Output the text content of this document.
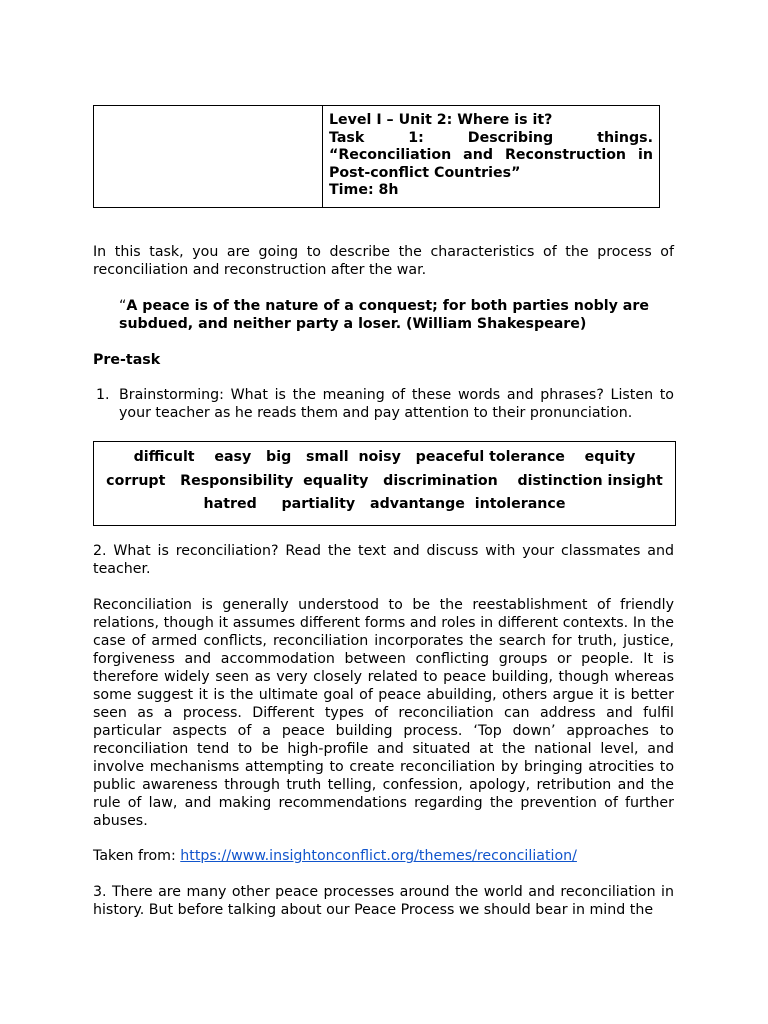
Level I – Unit 2: Where is it?
Task 1: Describing things.
“Reconciliation and Reconstruction in Post-conflict Countries”
Time: 8h
In this task, you are going to describe the characteristics of the process of reconciliation and reconstruction after the war.
“A peace is of the nature of a conquest; for both parties nobly are subdued, and neither party a loser. (William Shakespeare)
Pre-task
1. Brainstorming: What is the meaning of these words and phrases? Listen to your teacher as he reads them and pay attention to their pronunciation.
difficult    easy   big   small  noisy   peaceful tolerance    equity
corrupt   Responsibility  equality   discrimination    distinction insight
hatred     partiality   advantange  intolerance
2. What is reconciliation? Read the text and discuss with your classmates and teacher.
Reconciliation is generally understood to be the reestablishment of friendly relations, though it assumes different forms and roles in different contexts. In the case of armed conflicts, reconciliation incorporates the search for truth, justice, forgiveness and accommodation between conflicting groups or people. It is therefore widely seen as very closely related to peace building, though whereas some suggest it is the ultimate goal of peace abuilding, others argue it is better seen as a process. Different types of reconciliation can address and fulfil particular aspects of a peace building process. ‘Top down’ approaches to reconciliation tend to be high-profile and situated at the national level, and involve mechanisms attempting to create reconciliation by bringing atrocities to public awareness through truth telling, confession, apology, retribution and the rule of law, and making recommendations regarding the prevention of further abuses.
Taken from: https://www.insightonconflict.org/themes/reconciliation/
3. There are many other peace processes around the world and reconciliation in history. But before talking about our Peace Process we should bear in mind the
